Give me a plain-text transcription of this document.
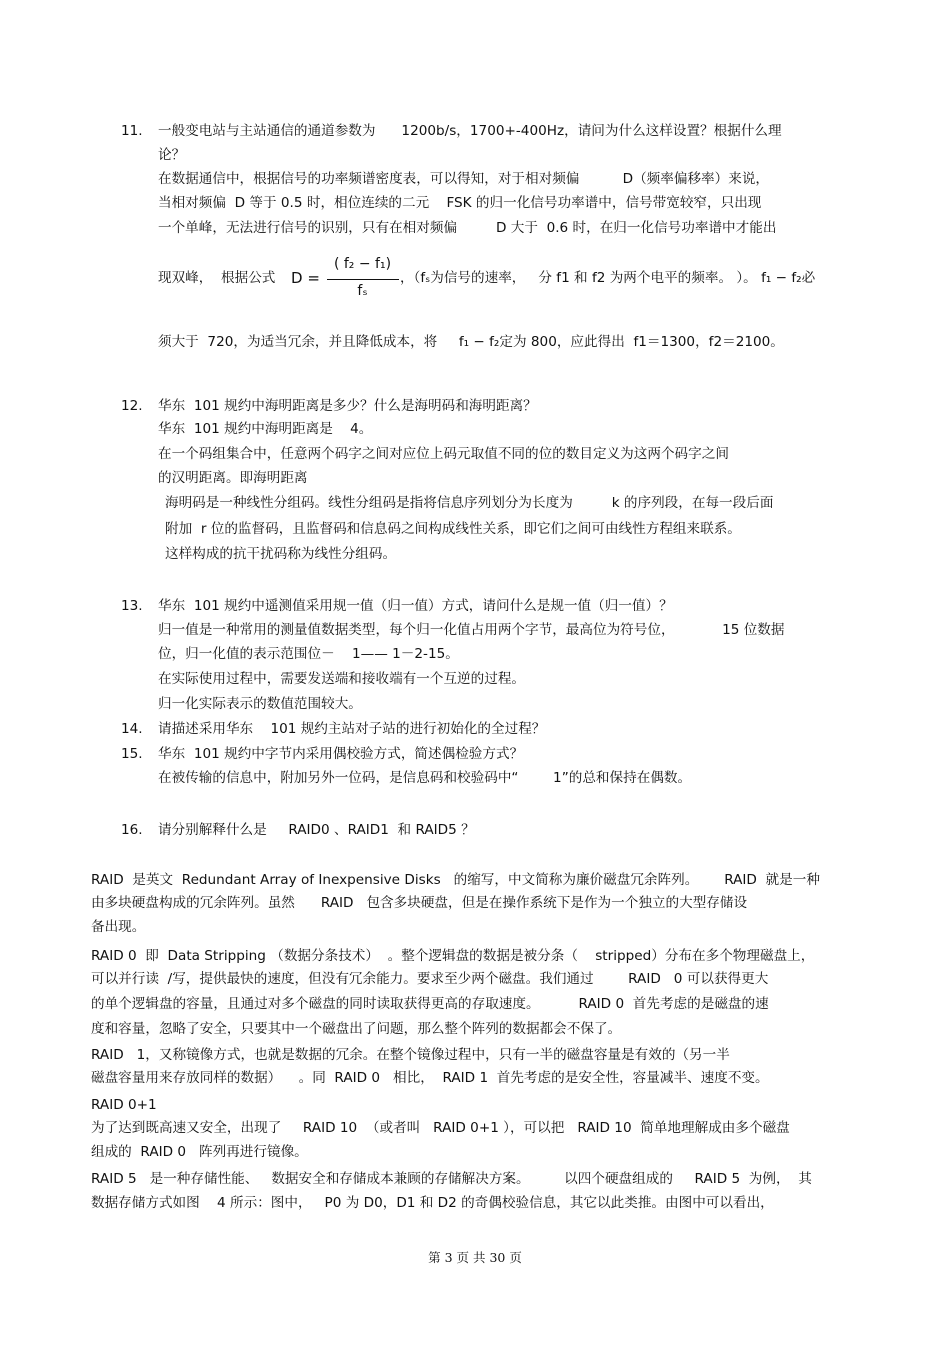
11. 一般变电站与主站通信的通道参数为      1200b/s，1700+-400Hz，请问为什么这样设置？根据什么理
论？
在数据通信中，根据信号的功率频谱密度表，可以得知，对于相对频偏          D（频率偏移率）来说，
当相对频偏  D 等于 0.5 时，相位连续的二元    FSK 的归一化信号功率谱中，信号带宽较窄，只出现
一个单峰，无法进行信号的识别，只有在相对频偏         D 大于  0.6 时，在归一化信号功率谱中才能出
现双峰，  根据公式 D =
( f₂ − f₁)
fₛ
，（fₛ为信号的速率，   分 f1 和 f2 为两个电平的频率。 ）。 f₁ − f₂必
须大于  720，为适当冗余，并且降低成本，将     f₁ − f₂定为 800，应此得出  f1＝1300，f2＝2100。
12. 华东  101 规约中海明距离是多少？什么是海明码和海明距离？
华东  101 规约中海明距离是    4。
在一个码组集合中，任意两个码字之间对应位上码元取值不同的位的数目定义为这两个码字之间
的汉明距离。即海明距离
海明码是一种线性分组码。线性分组码是指将信息序列划分为长度为         k 的序列段，在每一段后面
附加  r 位的监督码，且监督码和信息码之间构成线性关系，即它们之间可由线性方程组来联系。
这样构成的抗干扰码称为线性分组码。
13. 华东  101 规约中遥测值采用规一值（归一值）方式，请问什么是规一值（归一值）？
归一值是一种常用的测量值数据类型，每个归一化值占用两个字节，最高位为符号位，           15 位数据
位，归一化值的表示范围位－    1—— 1－2-15。
在实际使用过程中，需要发送端和接收端有一个互逆的过程。
归一化实际表示的数值范围较大。
14. 请描述采用华东    101 规约主站对子站的进行初始化的全过程？
15. 华东  101 规约中字节内采用偶校验方式，简述偶检验方式？
在被传输的信息中，附加另外一位码，是信息码和校验码中“        1”的总和保持在偶数。
16. 请分别解释什么是     RAID0 、RAID1  和 RAID5 ？
RAID  是英文  Redundant Array of Inexpensive Disks   的缩写，中文简称为廉价磁盘冗余阵列。      RAID  就是一种
由多块硬盘构成的冗余阵列。虽然      RAID   包含多块硬盘，但是在操作系统下是作为一个独立的大型存储设
备出现。
RAID 0  即  Data Stripping （数据分条技术）  。整个逻辑盘的数据是被分条（    stripped）分布在多个物理磁盘上，
可以并行读  /写，提供最快的速度，但没有冗余能力。要求至少两个磁盘。我们通过        RAID   0 可以获得更大
的单个逻辑盘的容量，且通过对多个磁盘的同时读取获得更高的存取速度。         RAID 0  首先考虑的是磁盘的速
度和容量，忽略了安全，只要其中一个磁盘出了问题，那么整个阵列的数据都会不保了。
RAID   1，又称镜像方式，也就是数据的冗余。在整个镜像过程中，只有一半的磁盘容量是有效的（另一半
磁盘容量用来存放同样的数据）    。同  RAID 0   相比，  RAID 1  首先考虑的是安全性，容量减半、速度不变。
RAID 0+1
为了达到既高速又安全，出现了     RAID 10  （或者叫   RAID 0+1 ），可以把   RAID 10  简单地理解成由多个磁盘
组成的  RAID 0   阵列再进行镜像。
RAID 5   是一种存储性能、   数据安全和存储成本兼顾的存储解决方案。        以四个硬盘组成的     RAID 5  为例，  其
数据存储方式如图    4 所示：图中，   P0 为 D0，D1 和 D2 的奇偶校验信息，其它以此类推。由图中可以看出，
第 3 页 共 30 页
